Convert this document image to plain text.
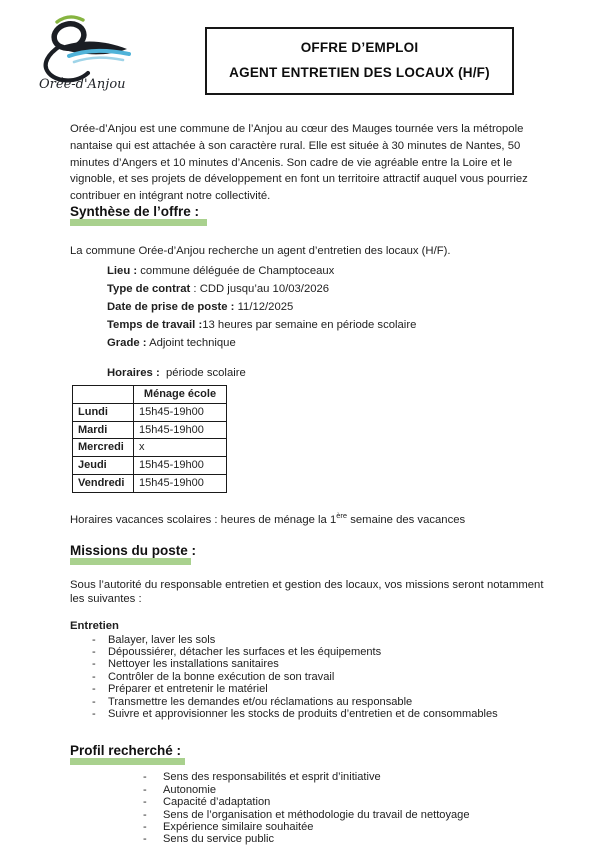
Orée-d'Anjou
OFFRE D’EMPLOI
AGENT ENTRETIEN DES LOCAUX (H/F)

Orée-d’Anjou est une commune de l’Anjou au cœur des Mauges tournée vers la métropole nantaise qui est attachée à son caractère rural. Elle est située à 30 minutes de Nantes, 50 minutes d’Angers et 10 minutes d’Ancenis. Son cadre de vie agréable entre la Loire et le vignoble, et ses projets de développement en font un territoire attractif auquel vous pourriez contribuer en intégrant notre collectivité.

Synthèse de l’offre :
La commune Orée-d’Anjou recherche un agent d’entretien des locaux (H/F).
Lieu : commune déléguée de Champtoceaux
Type de contrat : CDD jusqu’au 10/03/2026
Date de prise de poste : 11/12/2025
Temps de travail :13 heures par semaine en période scolaire
Grade : Adjoint technique
Horaires :  période scolaire
	Ménage école
Lundi	15h45-19h00
Mardi	15h45-19h00
Mercredi	x
Jeudi	15h45-19h00
Vendredi	15h45-19h00
Horaires vacances scolaires : heures de ménage la 1ère semaine des vacances
Missions du poste :
Sous l’autorité du responsable entretien et gestion des locaux, vos missions seront notamment les suivantes :
Entretien
-	Balayer, laver les sols
-	Dépoussiérer, détacher les surfaces et les équipements
-	Nettoyer les installations sanitaires
-	Contrôler de la bonne exécution de son travail
-	Préparer et entretenir le matériel
-	Transmettre les demandes et/ou réclamations au responsable
-	Suivre et approvisionner les stocks de produits d’entretien et de consommables
Profil recherché :
-	Sens des responsabilités et esprit d’initiative
-	Autonomie
-	Capacité d’adaptation
-	Sens de l’organisation et méthodologie du travail de nettoyage
-	Expérience similaire souhaitée
-	Sens du service public
